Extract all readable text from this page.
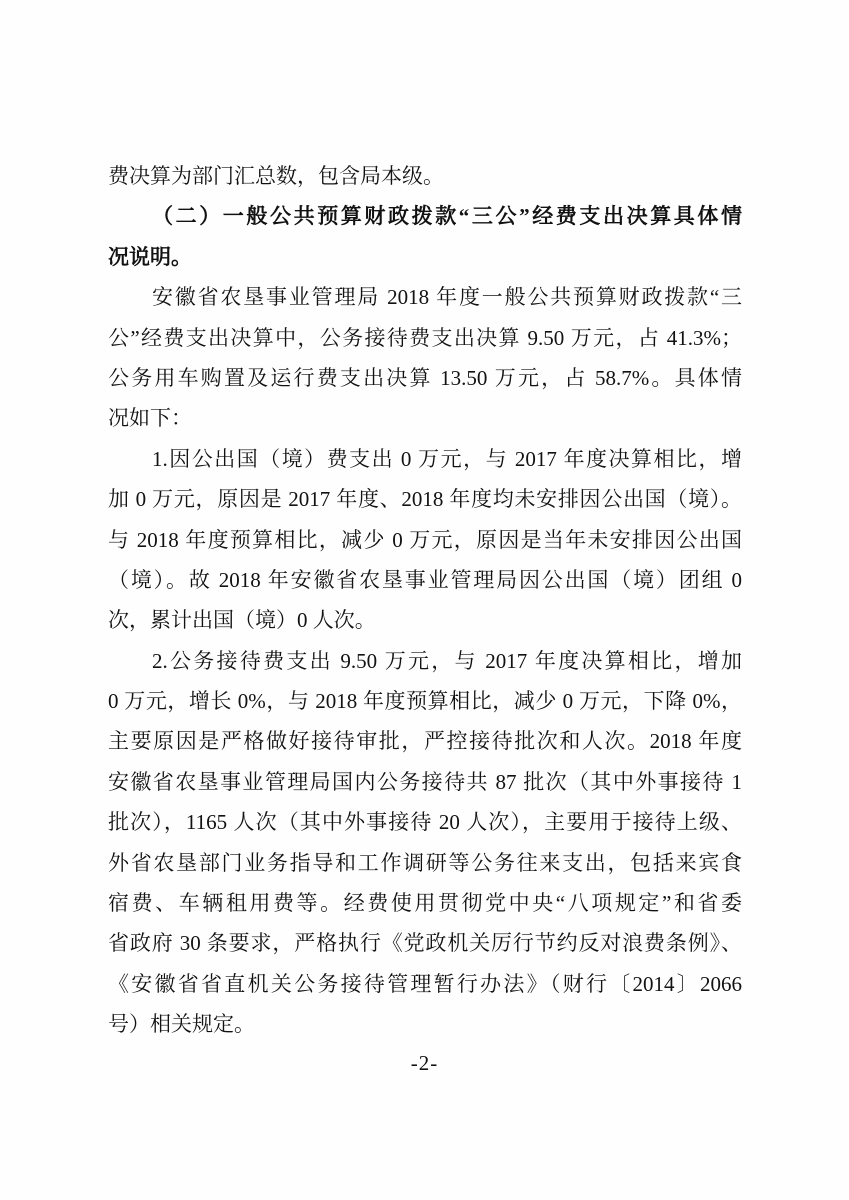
费决算为部门汇总数，包含局本级。
（二）一般公共预算财政拨款“三公”经费支出决算具体情
况说明。
安徽省农垦事业管理局 2018 年度一般公共预算财政拨款“三
公”经费支出决算中，公务接待费支出决算 9.50 万元，占 41.3%；
公务用车购置及运行费支出决算 13.50 万元，占 58.7%。具体情
况如下：
1.因公出国（境）费支出 0 万元，与 2017 年度决算相比，增
加 0 万元，原因是 2017 年度、2018 年度均未安排因公出国（境）。
与 2018 年度预算相比，减少 0 万元，原因是当年未安排因公出国
（境）。故 2018 年安徽省农垦事业管理局因公出国（境）团组 0
次，累计出国（境）0 人次。
2.公务接待费支出 9.50 万元，与 2017 年度决算相比，增加
0 万元，增长 0%，与 2018 年度预算相比，减少 0 万元，下降 0%，
主要原因是严格做好接待审批，严控接待批次和人次。2018 年度
安徽省农垦事业管理局国内公务接待共 87 批次（其中外事接待 1
批次），1165 人次（其中外事接待 20 人次），主要用于接待上级、
外省农垦部门业务指导和工作调研等公务往来支出，包括来宾食
宿费、车辆租用费等。经费使用贯彻党中央“八项规定”和省委
省政府 30 条要求，严格执行《党政机关厉行节约反对浪费条例》、
《安徽省省直机关公务接待管理暂行办法》（财行〔2014〕2066
号）相关规定。
-2-
